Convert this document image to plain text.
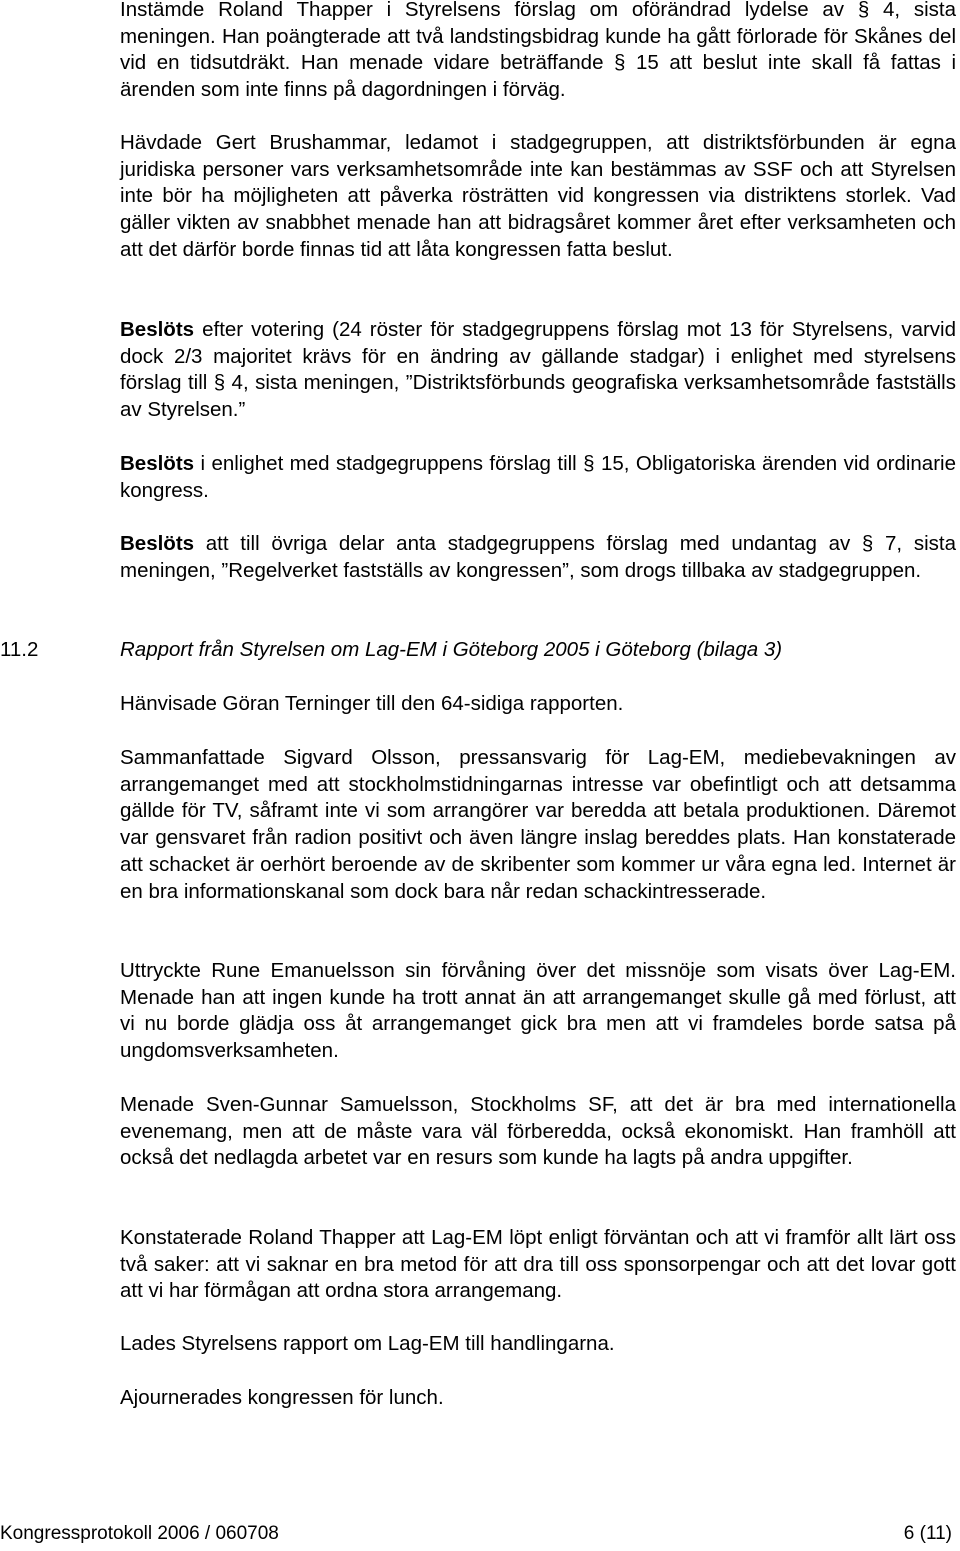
Instämde Roland Thapper i Styrelsens förslag om oförändrad lydelse av § 4, sista meningen. Han poängterade att två landstingsbidrag kunde ha gått förlorade för Skånes del vid en tidsutdräkt. Han menade vidare beträffande § 15 att beslut inte skall få fattas i ärenden som inte finns på dagordningen i förväg.

Hävdade Gert Brushammar, ledamot i stadgegruppen, att distriktsförbunden är egna juridiska personer vars verksamhetsområde inte kan bestämmas av SSF och att Styrelsen inte bör ha möjligheten att påverka rösträtten vid kongressen via distriktens storlek. Vad gäller vikten av snabbhet menade han att bidragsåret kommer året efter verksamheten och att det därför borde finnas tid att låta kongressen fatta beslut.

Beslöts efter votering (24 röster för stadgegruppens förslag mot 13 för Styrelsens, varvid dock 2/3 majoritet krävs för en ändring av gällande stadgar) i enlighet med styrelsens förslag till § 4, sista meningen, ”Distriktsförbunds geografiska verksamhetsområde fastställs av Styrelsen.”

Beslöts i enlighet med stadgegruppens förslag till § 15, Obligatoriska ärenden vid ordinarie kongress.

Beslöts att till övriga delar anta stadgegruppens förslag med undantag av § 7, sista meningen, ”Regelverket fastställs av kongressen”, som drogs tillbaka av stadgegruppen.

11.2	Rapport från Styrelsen om Lag-EM i Göteborg 2005 i Göteborg (bilaga 3)

Hänvisade Göran Terninger till den 64-sidiga rapporten.

Sammanfattade Sigvard Olsson, pressansvarig för Lag-EM, mediebevakningen av arrangemanget med att stockholmstidningarnas intresse var obefintligt och att detsamma gällde för TV, såframt inte vi som arrangörer var beredda att betala produktionen. Däremot var gensvaret från radion positivt och även längre inslag bereddes plats. Han konstaterade att schacket är oerhört beroende av de skribenter som kommer ur våra egna led. Internet är en bra informationskanal som dock bara når redan schackintresserade.

Uttryckte Rune Emanuelsson sin förvåning över det missnöje som visats över Lag-EM. Menade han att ingen kunde ha trott annat än att arrangemanget skulle gå med förlust, att vi nu borde glädja oss åt arrangemanget gick bra men att vi framdeles borde satsa på ungdomsverksamheten.

Menade Sven-Gunnar Samuelsson, Stockholms SF, att det är bra med internationella evenemang, men att de måste vara väl förberedda, också ekonomiskt. Han framhöll att också det nedlagda arbetet var en resurs som kunde ha lagts på andra uppgifter.

Konstaterade Roland Thapper att Lag-EM löpt enligt förväntan och att vi framför allt lärt oss två saker: att vi saknar en bra metod för att dra till oss sponsorpengar och att det lovar gott att vi har förmågan att ordna stora arrangemang.

Lades Styrelsens rapport om Lag-EM till handlingarna.

Ajournerades kongressen för lunch.

Kongressprotokoll 2006 / 060708	6 (11)
